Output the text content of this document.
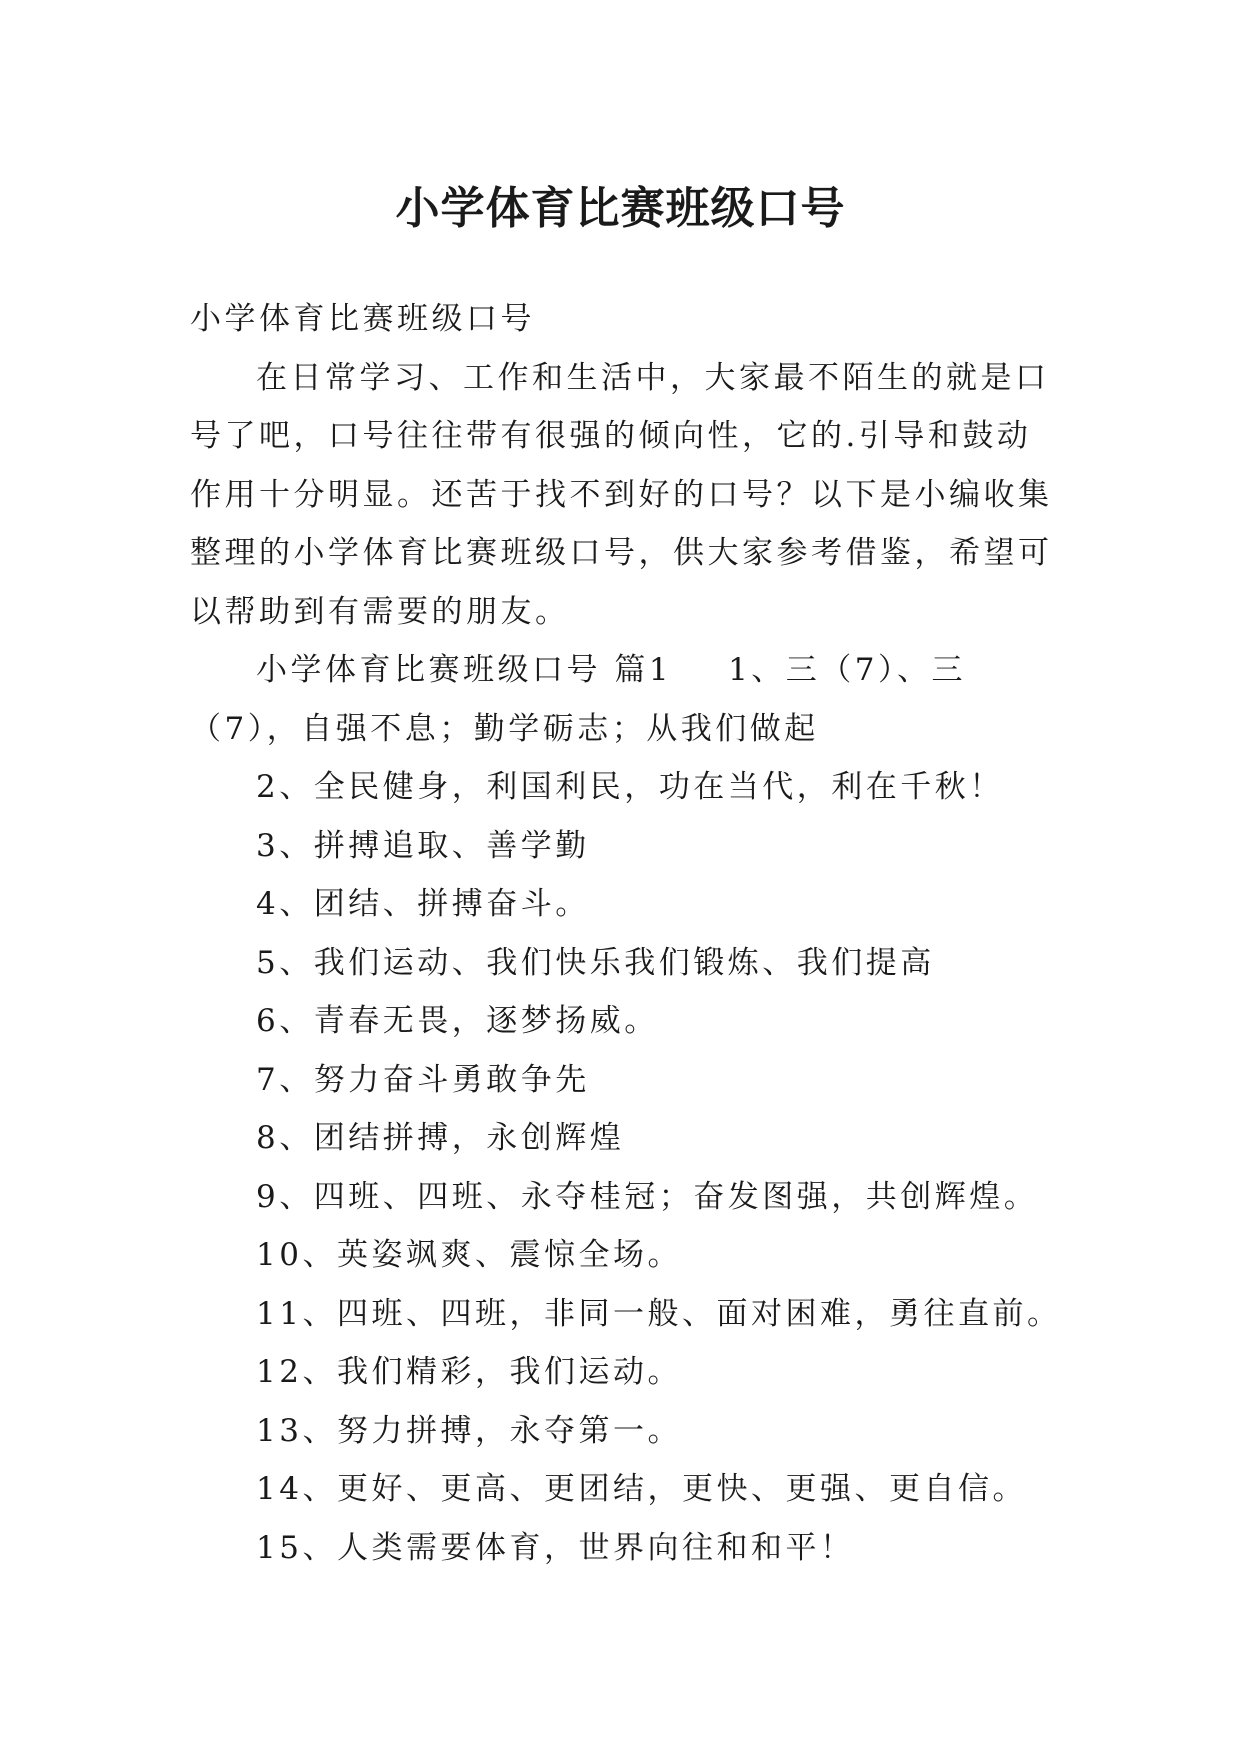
小学体育比赛班级口号

小学体育比赛班级口号

在日常学习、工作和生活中，大家最不陌生的就是口号了吧，口号往往带有很强的倾向性，它的.引导和鼓动作用十分明显。还苦于找不到好的口号？以下是小编收集整理的小学体育比赛班级口号，供大家参考借鉴，希望可以帮助到有需要的朋友。

小学体育比赛班级口号 篇1 1、三（7）、三（7），自强不息；勤学砺志；从我们做起

2、全民健身，利国利民，功在当代，利在千秋！

3、拼搏追取、善学勤

4、团结、拼搏奋斗。

5、我们运动、我们快乐我们锻炼、我们提高

6、青春无畏，逐梦扬威。

7、努力奋斗勇敢争先

8、团结拼搏，永创辉煌

9、四班、四班、永夺桂冠；奋发图强，共创辉煌。

10、英姿飒爽、震惊全场。

11、四班、四班，非同一般、面对困难，勇往直前。

12、我们精彩，我们运动。

13、努力拼搏，永夺第一。

14、更好、更高、更团结，更快、更强、更自信。

15、人类需要体育，世界向往和和平！
